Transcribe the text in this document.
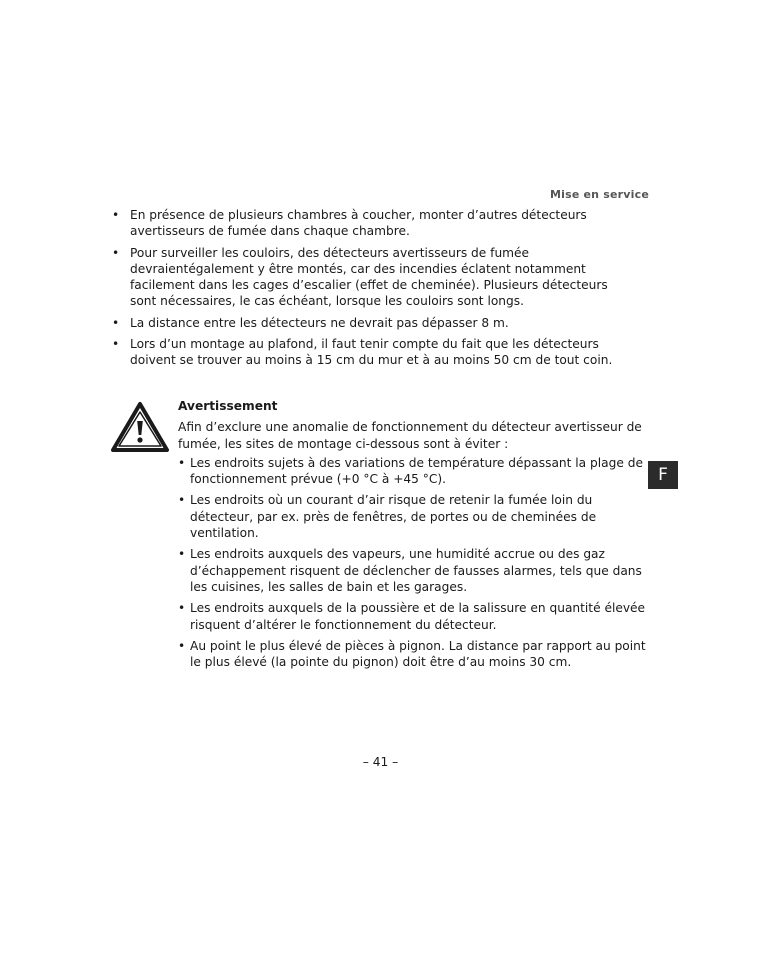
Mise en service
• En présence de plusieurs chambres à coucher, monter d’autres détecteurs avertisseurs de fumée dans chaque chambre.
• Pour surveiller les couloirs, des détecteurs avertisseurs de fumée devraientégalement y être montés, car des incendies éclatent notamment facilement dans les cages d’escalier (effet de cheminée). Plusieurs détecteurs sont nécessaires, le cas échéant, lorsque les couloirs sont longs.
• La distance entre les détecteurs ne devrait pas dépasser 8 m.
• Lors d’un montage au plafond, il faut tenir compte du fait que les détecteurs doivent se trouver au moins à 15 cm du mur et à au moins 50 cm de tout coin.
Avertissement
Afin d’exclure une anomalie de fonctionnement du détecteur avertisseur de fumée, les sites de montage ci-dessous sont à éviter :
• Les endroits sujets à des variations de température dépassant la plage de fonctionnement prévue (+0 °C à +45 °C).
• Les endroits où un courant d’air risque de retenir la fumée loin du détecteur, par ex. près de fenêtres, de portes ou de cheminées de ventilation.
• Les endroits auxquels des vapeurs, une humidité accrue ou des gaz d’échappement risquent de déclencher de fausses alarmes, tels que dans les cuisines, les salles de bain et les garages.
• Les endroits auxquels de la poussière et de la salissure en quantité élevée risquent d’altérer le fonctionnement du détecteur.
• Au point le plus élevé de pièces à pignon. La distance par rapport au point le plus élevé (la pointe du pignon) doit être d’au moins 30 cm.
F
– 41 –
